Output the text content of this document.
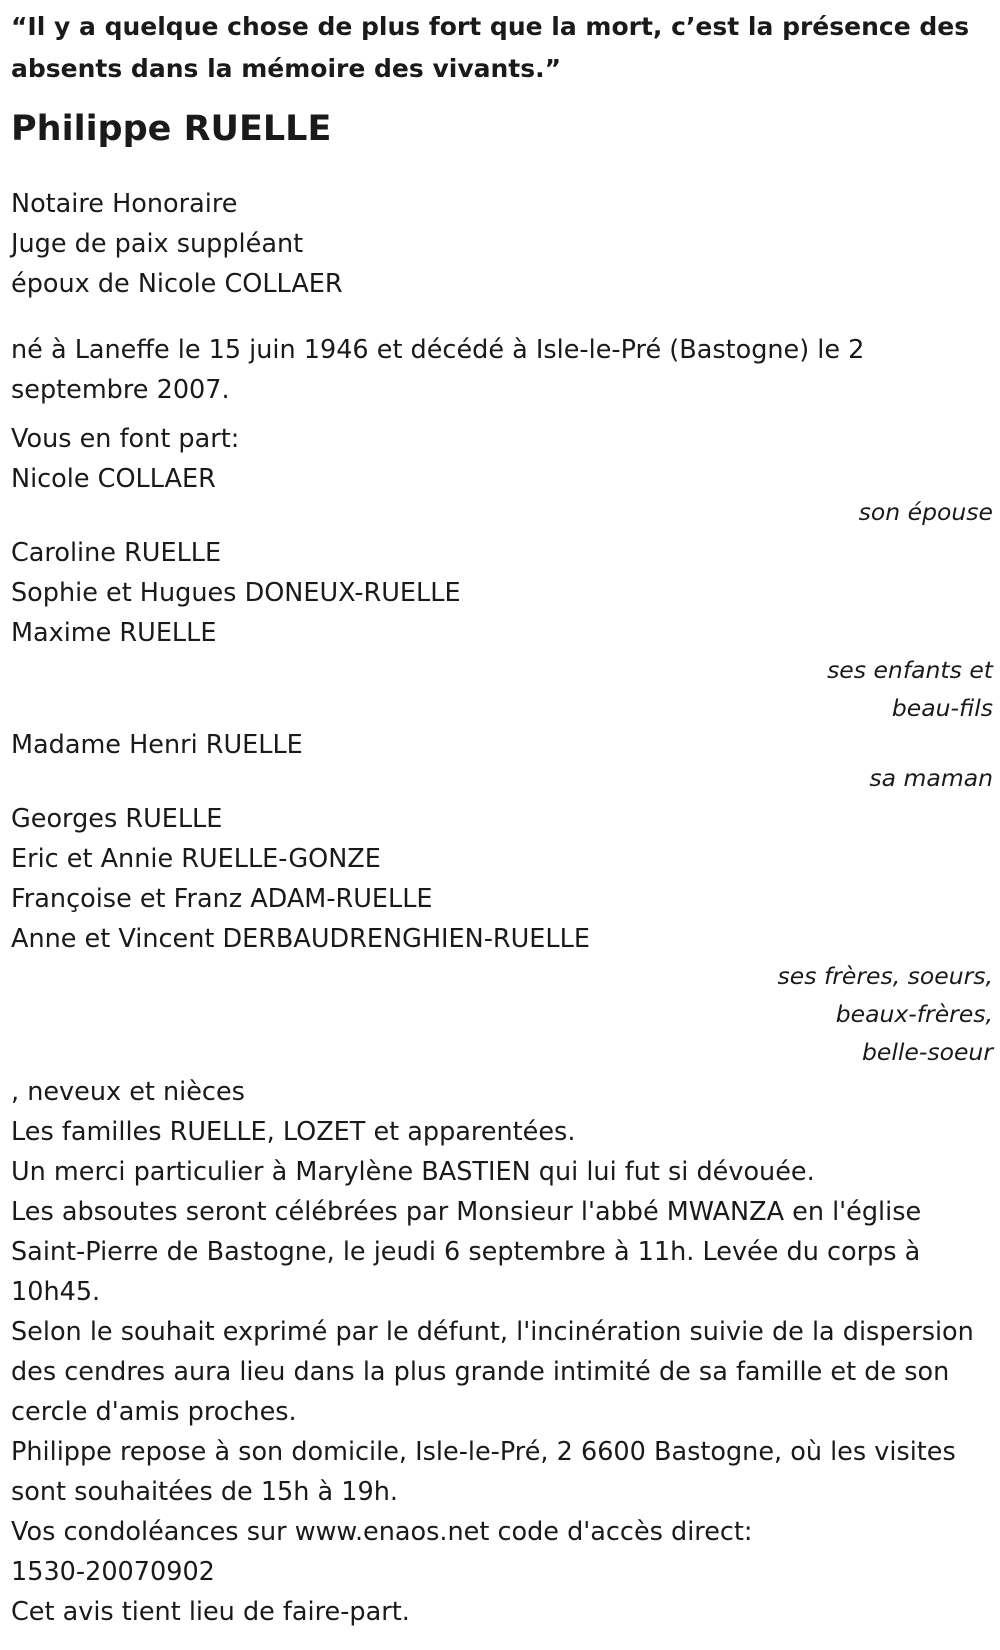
“Il y a quelque chose de plus fort que la mort, c’est la présence des absents dans la mémoire des vivants.”

Philippe RUELLE

Notaire Honoraire

Juge de paix suppléant

époux de Nicole COLLAER

né à Laneffe le 15 juin 1946 et décédé à Isle-le-Pré (Bastogne) le 2 septembre 2007.

Vous en font part:

Nicole COLLAER

son épouse

Caroline RUELLE

Sophie et Hugues DONEUX-RUELLE

Maxime RUELLE

ses enfants et

beau-fils

Madame Henri RUELLE

sa maman

Georges RUELLE

Eric et Annie RUELLE-GONZE

Françoise et Franz ADAM-RUELLE

Anne et Vincent DERBAUDRENGHIEN-RUELLE

ses frères, soeurs,

beaux-frères,

belle-soeur

, neveux et nièces

Les familles RUELLE, LOZET et apparentées.

Un merci particulier à Marylène BASTIEN qui lui fut si dévouée.

Les absoutes seront célébrées par Monsieur l'abbé MWANZA en l'église Saint-Pierre de Bastogne, le jeudi 6 septembre à 11h. Levée du corps à 10h45.

Selon le souhait exprimé par le défunt, l'incinération suivie de la dispersion des cendres aura lieu dans la plus grande intimité de sa famille et de son cercle d'amis proches.

Philippe repose à son domicile, Isle-le-Pré, 2 6600 Bastogne, où les visites sont souhaitées de 15h à 19h.

Vos condoléances sur www.enaos.net code d'accès direct: 1530-20070902

Cet avis tient lieu de faire-part.
